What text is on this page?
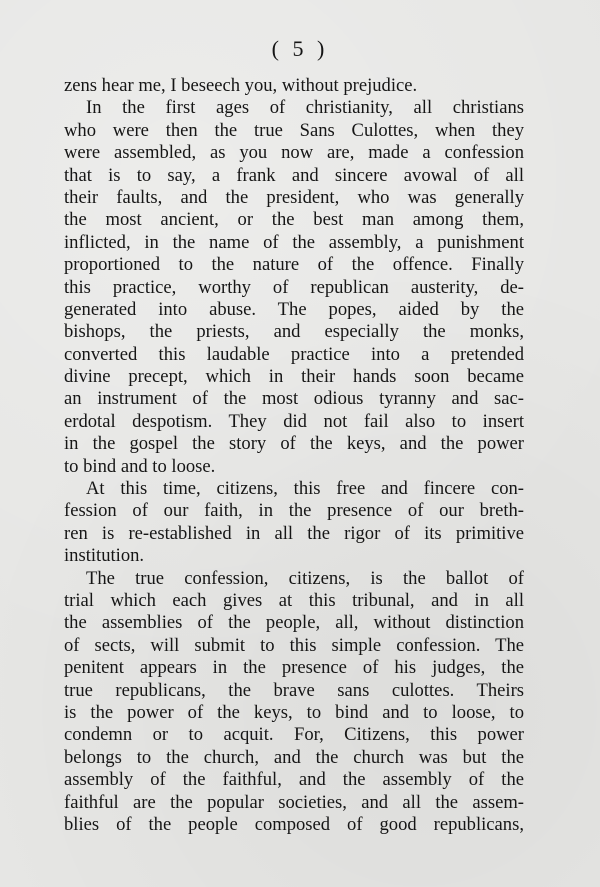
( 5 )
zens hear me, I beseech you, without prejudice.
In the first ages of christianity, all christians
who were then the true Sans Culottes, when they
were assembled, as you now are, made a confession
that is to say, a frank and sincere avowal of all
their faults, and the president, who was generally
the most ancient, or the best man among them,
inflicted, in the name of the assembly, a punishment
proportioned to the nature of the offence. Finally
this practice, worthy of republican austerity, de-
generated into abuse. The popes, aided by the
bishops, the priests, and especially the monks,
converted this laudable practice into a pretended
divine precept, which in their hands soon became
an instrument of the most odious tyranny and sac-
erdotal despotism. They did not fail also to insert
in the gospel the story of the keys, and the power
to bind and to loose.
At this time, citizens, this free and fincere con-
fession of our faith, in the presence of our breth-
ren is re-established in all the rigor of its primitive
institution.
The true confession, citizens, is the ballot of
trial which each gives at this tribunal, and in all
the assemblies of the people, all, without distinction
of sects, will submit to this simple confession. The
penitent appears in the presence of his judges, the
true republicans, the brave sans culottes. Theirs
is the power of the keys, to bind and to loose, to
condemn or to acquit. For, Citizens, this power
belongs to the church, and the church was but the
assembly of the faithful, and the assembly of the
faithful are the popular societies, and all the assem-
blies of the people composed of good republicans,
